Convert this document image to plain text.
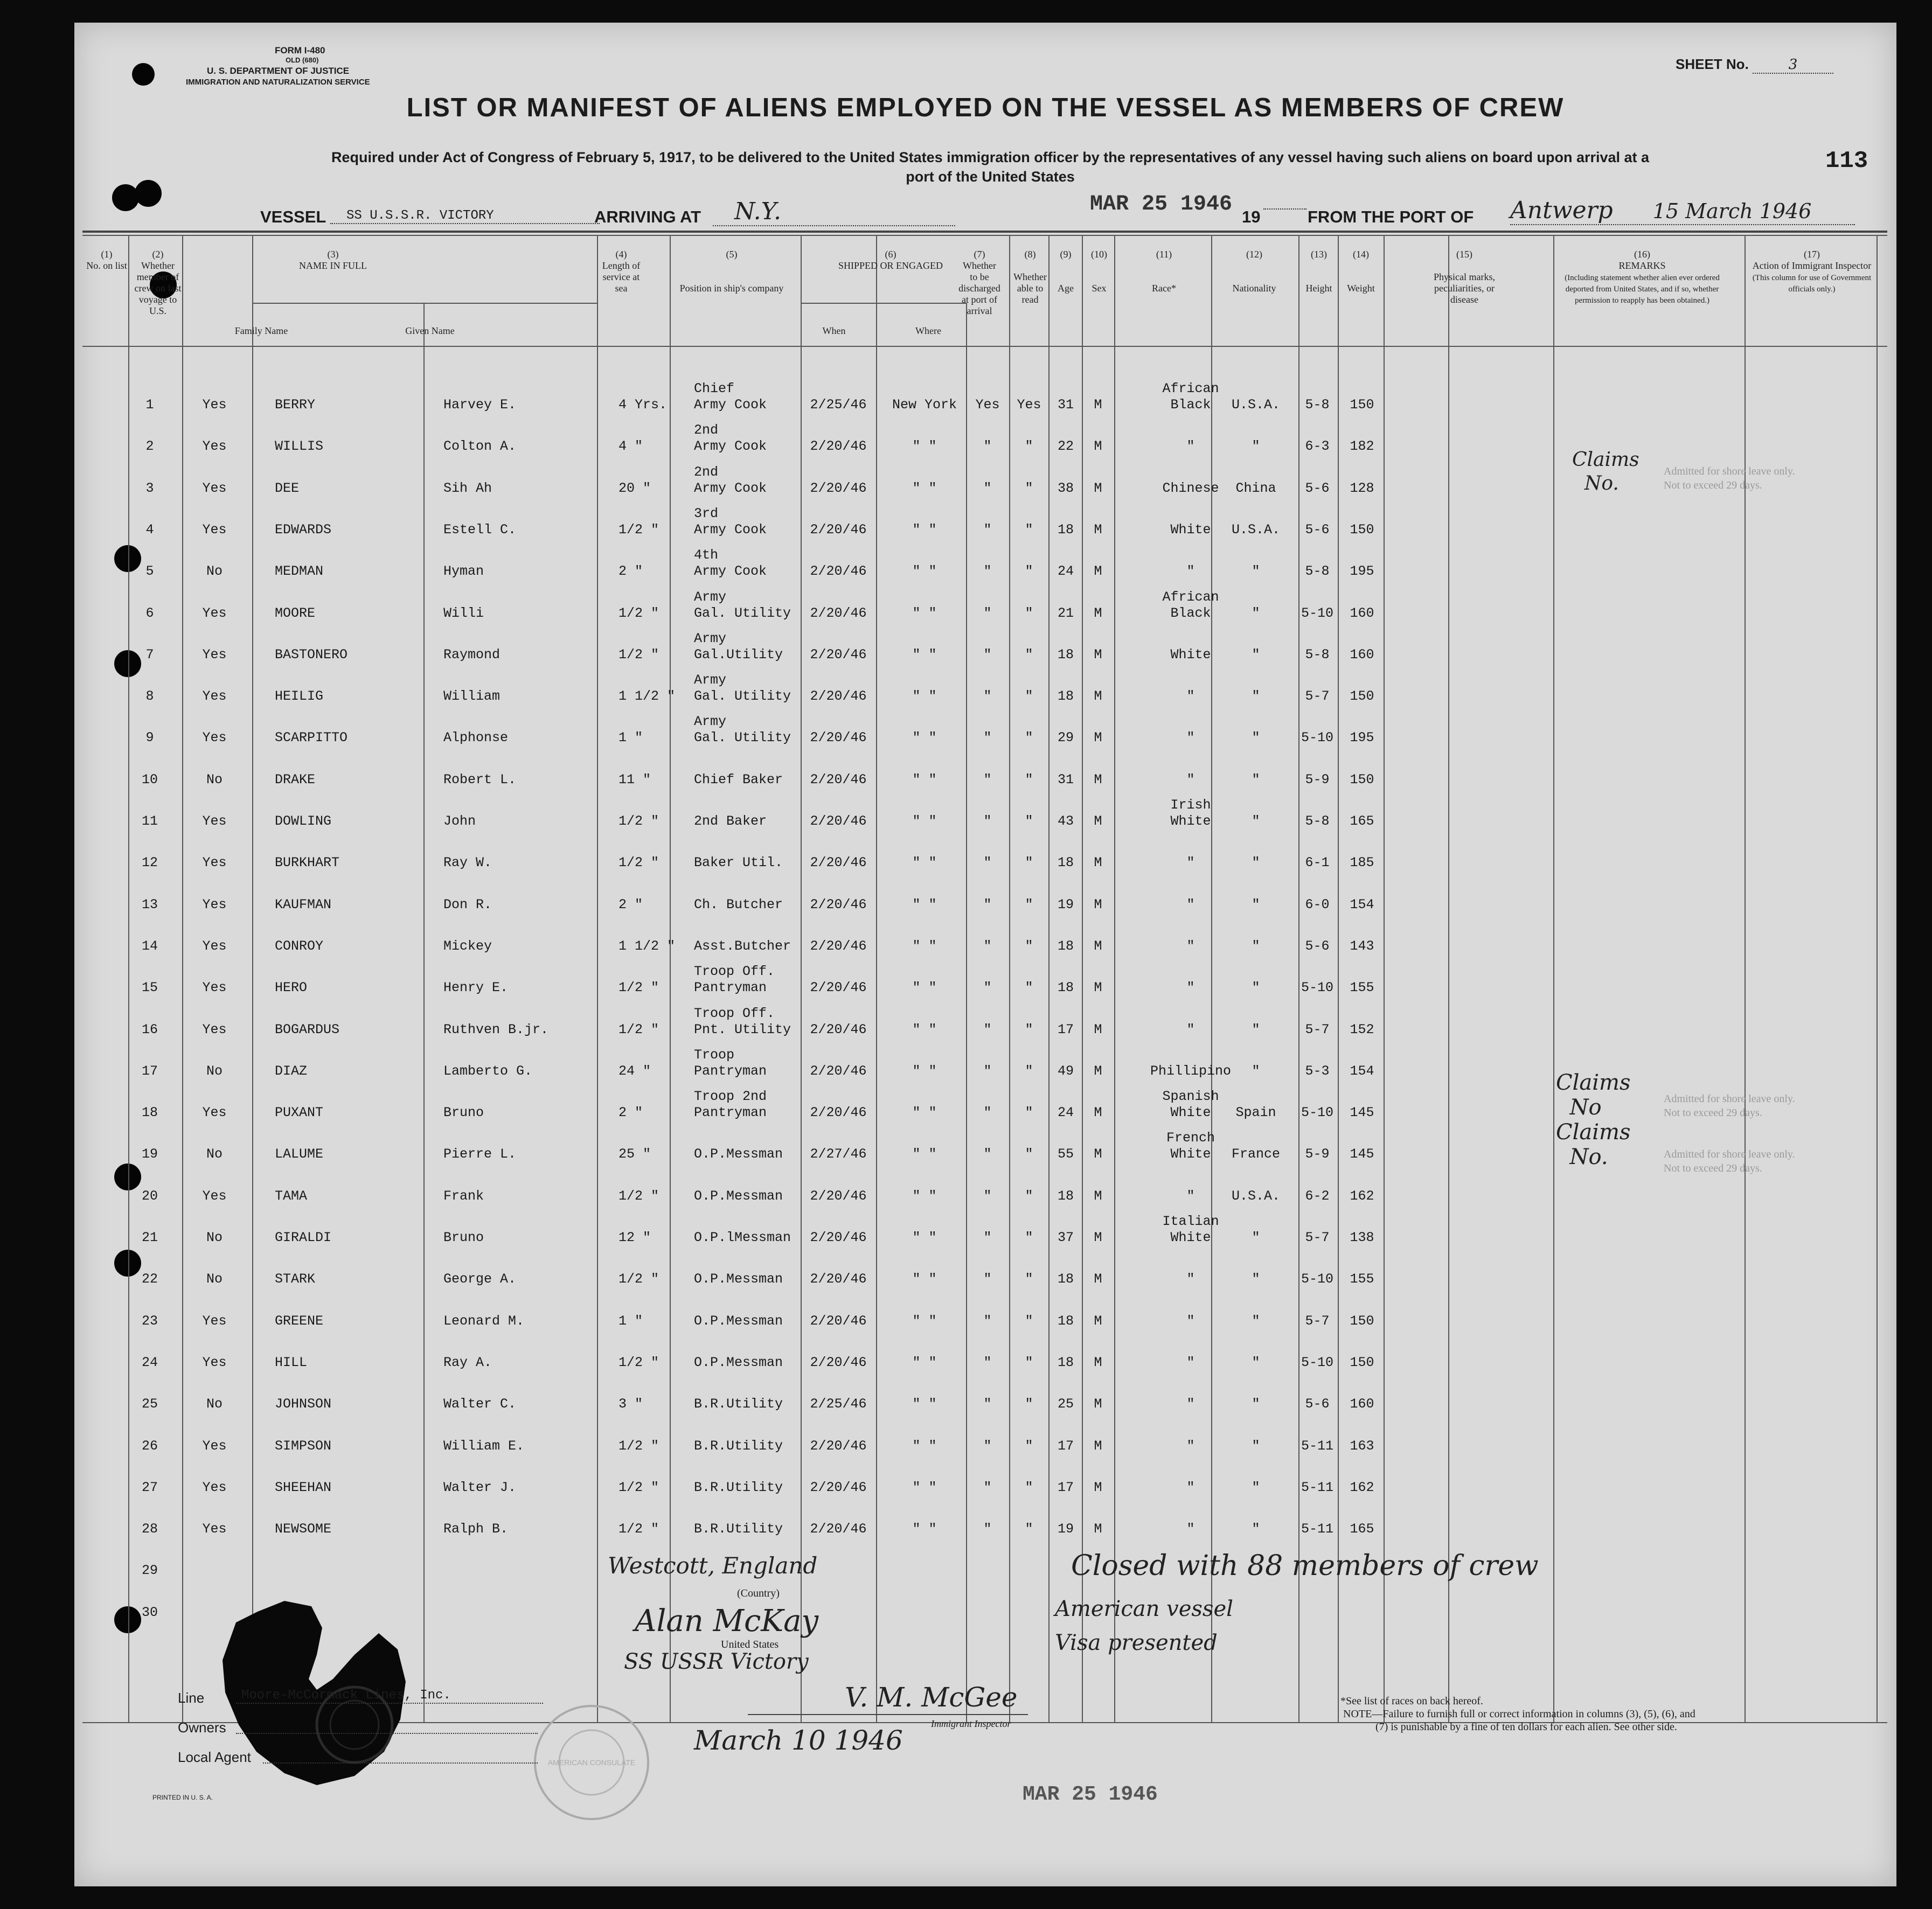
FORM I-480
OLD (680)
U. S. DEPARTMENT OF JUSTICE
IMMIGRATION AND NATURALIZATION SERVICE
SHEET No.	3
LIST OR MANIFEST OF ALIENS EMPLOYED ON THE VESSEL AS MEMBERS OF CREW
Required under Act of Congress of February 5, 1917, to be delivered to the United States immigration officer by the representatives of any vessel having such aliens on board upon arrival at a
port of the United States
113
VESSEL	SS U.S.S.R. VICTORY	ARRIVING AT	N.Y.	MAR 25 1946
19	FROM THE PORT OF Antwerp 15 March 1946
(1)
No. on list
(2)
Whether member of crew on last voyage to U.S.
(3)
NAME IN FULL
Family Name	Given Name
(4)
Length of service at sea
(5)

Position in ship's company
(6)
SHIPPED OR ENGAGED
When	Where
(7)
Whether to be discharged at port of arrival
(8)

Whether able to read
(9)

Age
(10)

Sex
(11)

Race*
(12)

Nationality
(13)

Height
(14)

Weight
(15)

Physical marks, peculiarities, or disease
(16)
REMARKS
(Including statement whether alien ever ordered deported from United States, and if so, whether permission to reapply has been obtained.)
(17)
Action of Immigrant Inspector
(This column for use of Government officials only.)
1	Yes	BERRY	Harvey E.	4 Yrs.
Chief
Army Cook	2/25/46	New York	Yes	Yes	31	M
African
Black	U.S.A.	5-8	150
2	Yes	WILLIS	Colton A.	4 "
2nd
Army Cook	2/20/46	" "	"	"	22	M	"	"	6-3	182
3	Yes	DEE	Sih Ah	20 "
2nd
Army Cook	2/20/46	" "	"	"	38	M	Chinese	China	5-6	128
4	Yes	EDWARDS	Estell C.	1/2 "
3rd
Army Cook	2/20/46	" "	"	"	18	M	White	U.S.A.	5-6	150
5	No	MEDMAN	Hyman	2 "
4th
Army Cook	2/20/46	" "	"	"	24	M	"	"	5-8	195
6	Yes	MOORE	Willi	1/2 "
Army
Gal. Utility	2/20/46	" "	"	"	21	M
African
Black	"	5-10	160
7	Yes	BASTONERO	Raymond	1/2 "
Army
Gal.Utility	2/20/46	" "	"	"	18	M	White	"	5-8	160
8	Yes	HEILIG	William	1 1/2 "
Army
Gal. Utility	2/20/46	" "	"	"	18	M	"	"	5-7	150
9	Yes	SCARPITTO	Alphonse	1 "
Army
Gal. Utility	2/20/46	" "	"	"	29	M	"	"	5-10	195
10	No	DRAKE	Robert L.	11 "	Chief Baker	2/20/46	" "	"	"	31	M	"	"	5-9	150
11	Yes	DOWLING	John	1/2 "	2nd Baker	2/20/46	" "	"	"	43	M
Irish
White	"	5-8	165
12	Yes	BURKHART	Ray W.	1/2 "	Baker Util.	2/20/46	" "	"	"	18	M	"	"	6-1	185
13	Yes	KAUFMAN	Don R.	2 "	Ch. Butcher	2/20/46	" "	"	"	19	M	"	"	6-0	154
14	Yes	CONROY	Mickey	1 1/2 " Asst.Butcher	2/20/46	" "	"	"	18	M	"	"	5-6	143
15	Yes	HERO	Henry E.	1/2 "
Troop Off.
Pantryman	2/20/46	" "	"	"	18	M	"	"	5-10	155
16	Yes	BOGARDUS	Ruthven B.jr.	1/2 "
Troop Off.
Pnt. Utility	2/20/46	" "	"	"	17	M	"	"	5-7	152
17	No	DIAZ	Lamberto G.	24 "
Troop
Pantryman	2/20/46	" "	"	"	49	M	Phillipino	"	5-3	154
18	Yes	PUXANT	Bruno	2 "
Troop 2nd
Pantryman	2/20/46	" "	"	"	24	M
Spanish
White	Spain	5-10	145
19	No	LALUME	Pierre L.	25 "	O.P.Messman	2/27/46	" "	"	"	55	M
French
White	France	5-9	145
20	Yes	TAMA	Frank	1/2 "	O.P.Messman	2/20/46	" "	"	"	18	M	"	U.S.A.	6-2	162
21	No	GIRALDI	Bruno	12 "	O.P.lMessman	2/20/46	" "	"	"	37	M
Italian
White	"	5-7	138
22	No	STARK	George A.	1/2 "	O.P.Messman	2/20/46	" "	"	"	18	M	"	"	5-10	155
23	Yes	GREENE	Leonard M.	1 "	O.P.Messman	2/20/46	" "	"	"	18	M	"	"	5-7	150
24	Yes	HILL	Ray A.	1/2 "	O.P.Messman	2/20/46	" "	"	"	18	M	"	"	5-10	150
25	No	JOHNSON	Walter C.	3 "	B.R.Utility	2/25/46	" "	"	"	25	M	"	"	5-6	160
26	Yes	SIMPSON	William E.	1/2 "	B.R.Utility	2/20/46	" "	"	"	17	M	"	"	5-11	163
27	Yes	SHEEHAN	Walter J.	1/2 "	B.R.Utility	2/20/46	" "	"	"	17	M	"	"	5-11	162
28	Yes	NEWSOME	Ralph B.	1/2 "	B.R.Utility	2/20/46	" "	"	"	19	M	"	"	5-11	165
29
30
Claims
No.
Admitted for shore leave only.
Not to exceed 29 days.
Claims
No
Claims
No.
Admitted for shore leave only.
Not to exceed 29 days.
Admitted for shore leave only.
Not to exceed 29 days.
Westcott, England
(Country)
Alan McKay
United States
SS USSR Victory
Closed with 88 members of crew
American vessel
Visa presented
AMERICAN CONSULATE
Line	Moore-McCormack Lines, Inc.
Owners
Local Agent
V. M. McGee
Immigrant Inspector
March 10 1946
*See list of races on back hereof.
NOTE—Failure to furnish full or correct information in columns (3), (5), (6), and
(7) is punishable by a fine of ten dollars for each alien. See other side.
PRINTED IN U. S. A.	MAR 25 1946
